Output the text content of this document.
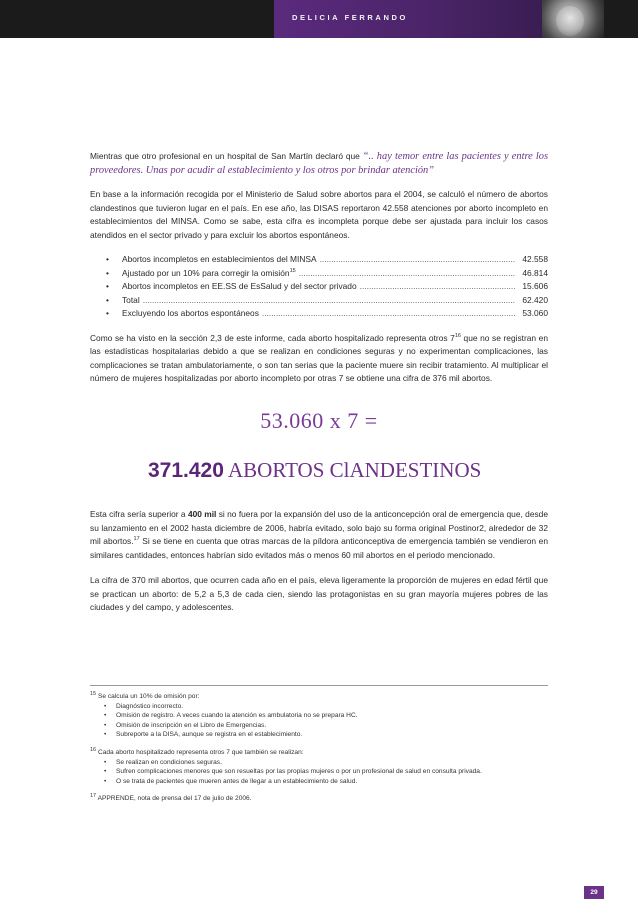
DELICIA FERRANDO

Mientras que otro profesional en un hospital de San Martín declaró que “.. hay temor entre las pacientes y entre los proveedores. Unas por acudir al establecimiento y los otros por brindar atención”

En base a la información recogida por el Ministerio de Salud sobre abortos para el 2004, se calculó el número de abortos clandestinos que tuvieron lugar en el país. En ese año, las DISAS reportaron 42.558 atenciones por aborto incompleto en establecimientos del MINSA. Como se sabe, esta cifra es incompleta porque debe ser ajustada para incluir los casos atendidos en el sector privado y para excluir los abortos espontáneos.

• Abortos incompletos en establecimientos del MINSA .....	42.558
• Ajustado por un 10% para corregir la omisión$^{15}$ .....	46.814
• Abortos incompletos en EE.SS de EsSalud y del sector privado .....	15.606
• Total .....	62.420
• Excluyendo los abortos espontáneos .....	53.060

Como se ha visto en la sección 2,3 de este informe, cada aborto hospitalizado representa otros $7^{16}$ que no se registran en las estadísticas hospitalarias debido a que se realizan en condiciones seguras y no experimentan complicaciones, las complicaciones se tratan ambulatoriamente, o son tan serias que la paciente muere sin recibir tratamiento. Al multiplicar el número de mujeres hospitalizadas por aborto incompleto por otras 7 se obtiene una cifra de 376 mil abortos.

53.060 x 7 =
371.420 ABORTOS ClANDESTINOS

Esta cifra sería superior a 400 mil si no fuera por la expansión del uso de la anticoncepción oral de emergencia que, desde su lanzamiento en el 2002 hasta diciembre de 2006, habría evitado, solo bajo su forma original Postinor2, alrededor de 32 mil abortos.$^{17}$ Si se tiene en cuenta que otras marcas de la píldora anticonceptiva de emergencia también se vendieron en similares cantidades, entonces habrían sido evitados más o menos 60 mil abortos en el periodo mencionado.

La cifra de 370 mil abortos, que ocurren cada año en el país, eleva ligeramente la proporción de mujeres en edad fértil que se practican un aborto: de 5,2 a 5,3 de cada cien, siendo las protagonistas en su gran mayoría mujeres pobres de las ciudades y del campo, y adolescentes.

$^{15}$ Se calcula un 10% de omisión por:
• Diagnóstico incorrecto.
• Omisión de registro. A veces cuando la atención es ambulatoria no se prepara HC.
• Omisión de inscripción en el Libro de Emergencias.
• Subreporte a la DISA, aunque se registra en el establecimiento.
$^{16}$ Cada aborto hospitalizado representa otros 7 que también se realizan:
• Se realizan en condiciones seguras.
• Sufren complicaciones menores que son resueltas por las propias mujeres o por un profesional de salud en consulta privada.
• O se trata de pacientes que mueren antes de llegar a un establecimiento de salud.
$^{17}$ APPRENDE, nota de prensa del 17 de julio de 2006.
29
